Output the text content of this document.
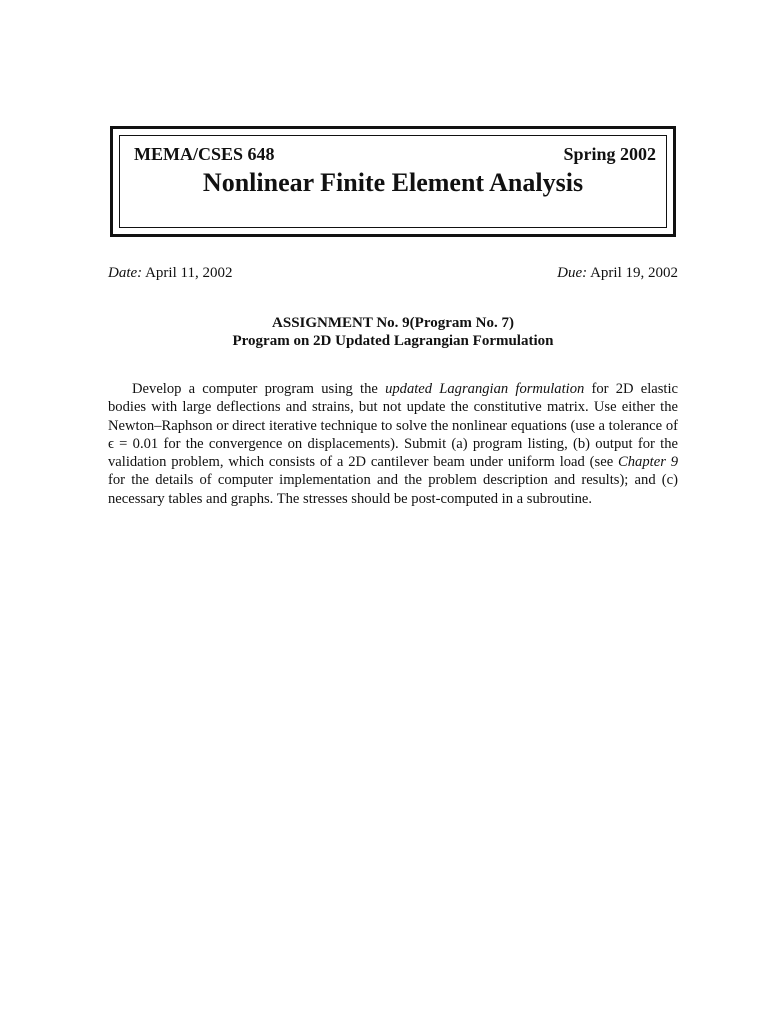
MEMA/CSES 648	Spring 2002
Nonlinear Finite Element Analysis
Date: April 11, 2002	Due: April 19, 2002
ASSIGNMENT No. 9(Program No. 7)
Program on 2D Updated Lagrangian Formulation

Develop a computer program using the updated Lagrangian formulation for 2D elastic bodies with large deflections and strains, but not update the constitutive matrix. Use either the Newton–Raphson or direct iterative technique to solve the nonlinear equations (use a tolerance of ϵ = 0.01 for the convergence on displacements). Submit (a) program listing, (b) output for the validation problem, which consists of a 2D cantilever beam under uniform load (see Chapter 9 for the details of computer implementation and the problem description and results); and (c) necessary tables and graphs. The stresses should be post-computed in a subroutine.
